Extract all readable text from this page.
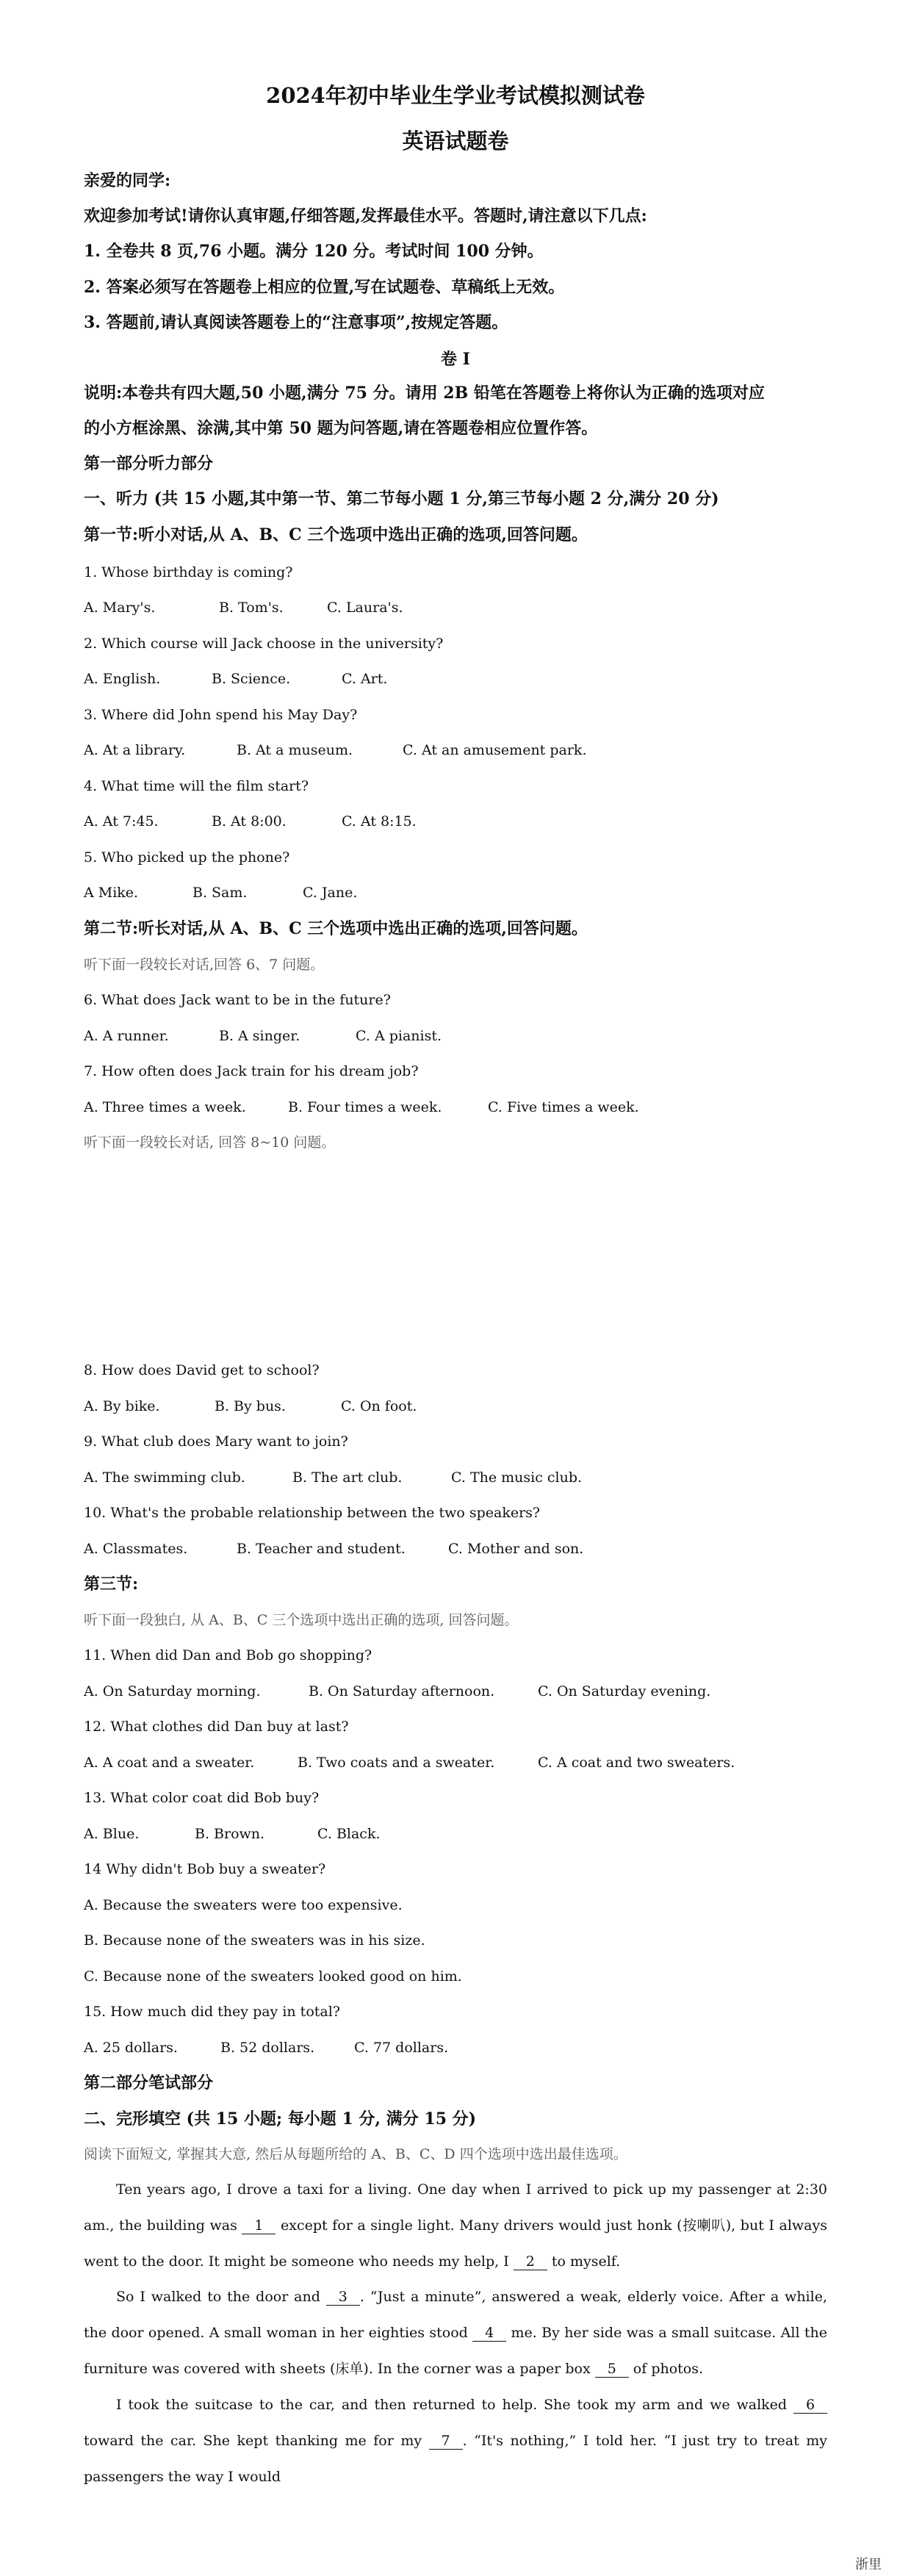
2024年初中毕业生学业考试模拟测试卷
英语试题卷
亲爱的同学:
欢迎参加考试!请你认真审题,仔细答题,发挥最佳水平。答题时,请注意以下几点:
1. 全卷共 8 页,76 小题。满分 120 分。考试时间 100 分钟。
2. 答案必须写在答题卷上相应的位置,写在试题卷、草稿纸上无效。
3. 答题前,请认真阅读答题卷上的“注意事项”,按规定答题。
卷 I
说明:本卷共有四大题,50 小题,满分 75 分。请用 2B 铅笔在答题卷上将你认为正确的选项对应
的小方框涂黑、涂满,其中第 50 题为问答题,请在答题卷相应位置作答。
第一部分听力部分
一、听力 (共 15 小题,其中第一节、第二节每小题 1 分,第三节每小题 2 分,满分 20 分)
第一节:听小对话,从 A、B、C 三个选项中选出正确的选项,回答问题。
1. Whose birthday is coming?
A. Mary's.	B. Tom's.	C. Laura's.
2. Which course will Jack choose in the university?
A. English.	B. Science.	C. Art.
3. Where did John spend his May Day?
A. At a library.	B. At a museum.	C. At an amusement park.
4. What time will the film start?
A. At 7:45.	B. At 8:00.	C. At 8:15.
5. Who picked up the phone?
A Mike.	B. Sam.	C. Jane.
第二节:听长对话,从 A、B、C 三个选项中选出正确的选项,回答问题。
听下面一段较长对话,回答 6、7 问题。
6. What does Jack want to be in the future?
A. A runner.	B. A singer.	C. A pianist.
7. How often does Jack train for his dream job?
A. Three times a week.	B. Four times a week.	C. Five times a week.
听下面一段较长对话, 回答 8~10 问题。
8. How does David get to school?
A. By bike.	B. By bus.	C. On foot.
9. What club does Mary want to join?
A. The swimming club.	B. The art club.	C. The music club.
10. What's the probable relationship between the two speakers?
A. Classmates.	B. Teacher and student.	C. Mother and son.
第三节:
听下面一段独白, 从 A、B、C 三个选项中选出正确的选项, 回答问题。
11. When did Dan and Bob go shopping?
A. On Saturday morning.	B. On Saturday afternoon.	C. On Saturday evening.
12. What clothes did Dan buy at last?
A. A coat and a sweater.	B. Two coats and a sweater.	C. A coat and two sweaters.
13. What color coat did Bob buy?
A. Blue.	B. Brown.	C. Black.
14 Why didn't Bob buy a sweater?
A. Because the sweaters were too expensive.
B. Because none of the sweaters was in his size.
C. Because none of the sweaters looked good on him.
15. How much did they pay in total?
A. 25 dollars.	B. 52 dollars.	C. 77 dollars.
第二部分笔试部分
二、完形填空 (共 15 小题; 每小题 1 分, 满分 15 分)
阅读下面短文, 掌握其大意, 然后从每题所给的 A、B、C、D 四个选项中选出最佳选项。
Ten years ago, I drove a taxi for a living. One day when I arrived to pick up my passenger at 2:30 am., the building was 1 except for a single light. Many drivers would just honk (按喇叭), but I always went to the door. It might be someone who needs my help, I 2 to myself.
So I walked to the door and 3 . “Just a minute”, answered a weak, elderly voice. After a while, the door opened. A small woman in her eighties stood 4 me. By her side was a small suitcase. All the furniture was covered with sheets (床单). In the corner was a paper box 5 of photos.
I took the suitcase to the car, and then returned to help. She took my arm and we walked 6 toward the car. She kept thanking me for my 7 . “It's nothing,” I told her. “I just try to treat my passengers the way I would
浙里
